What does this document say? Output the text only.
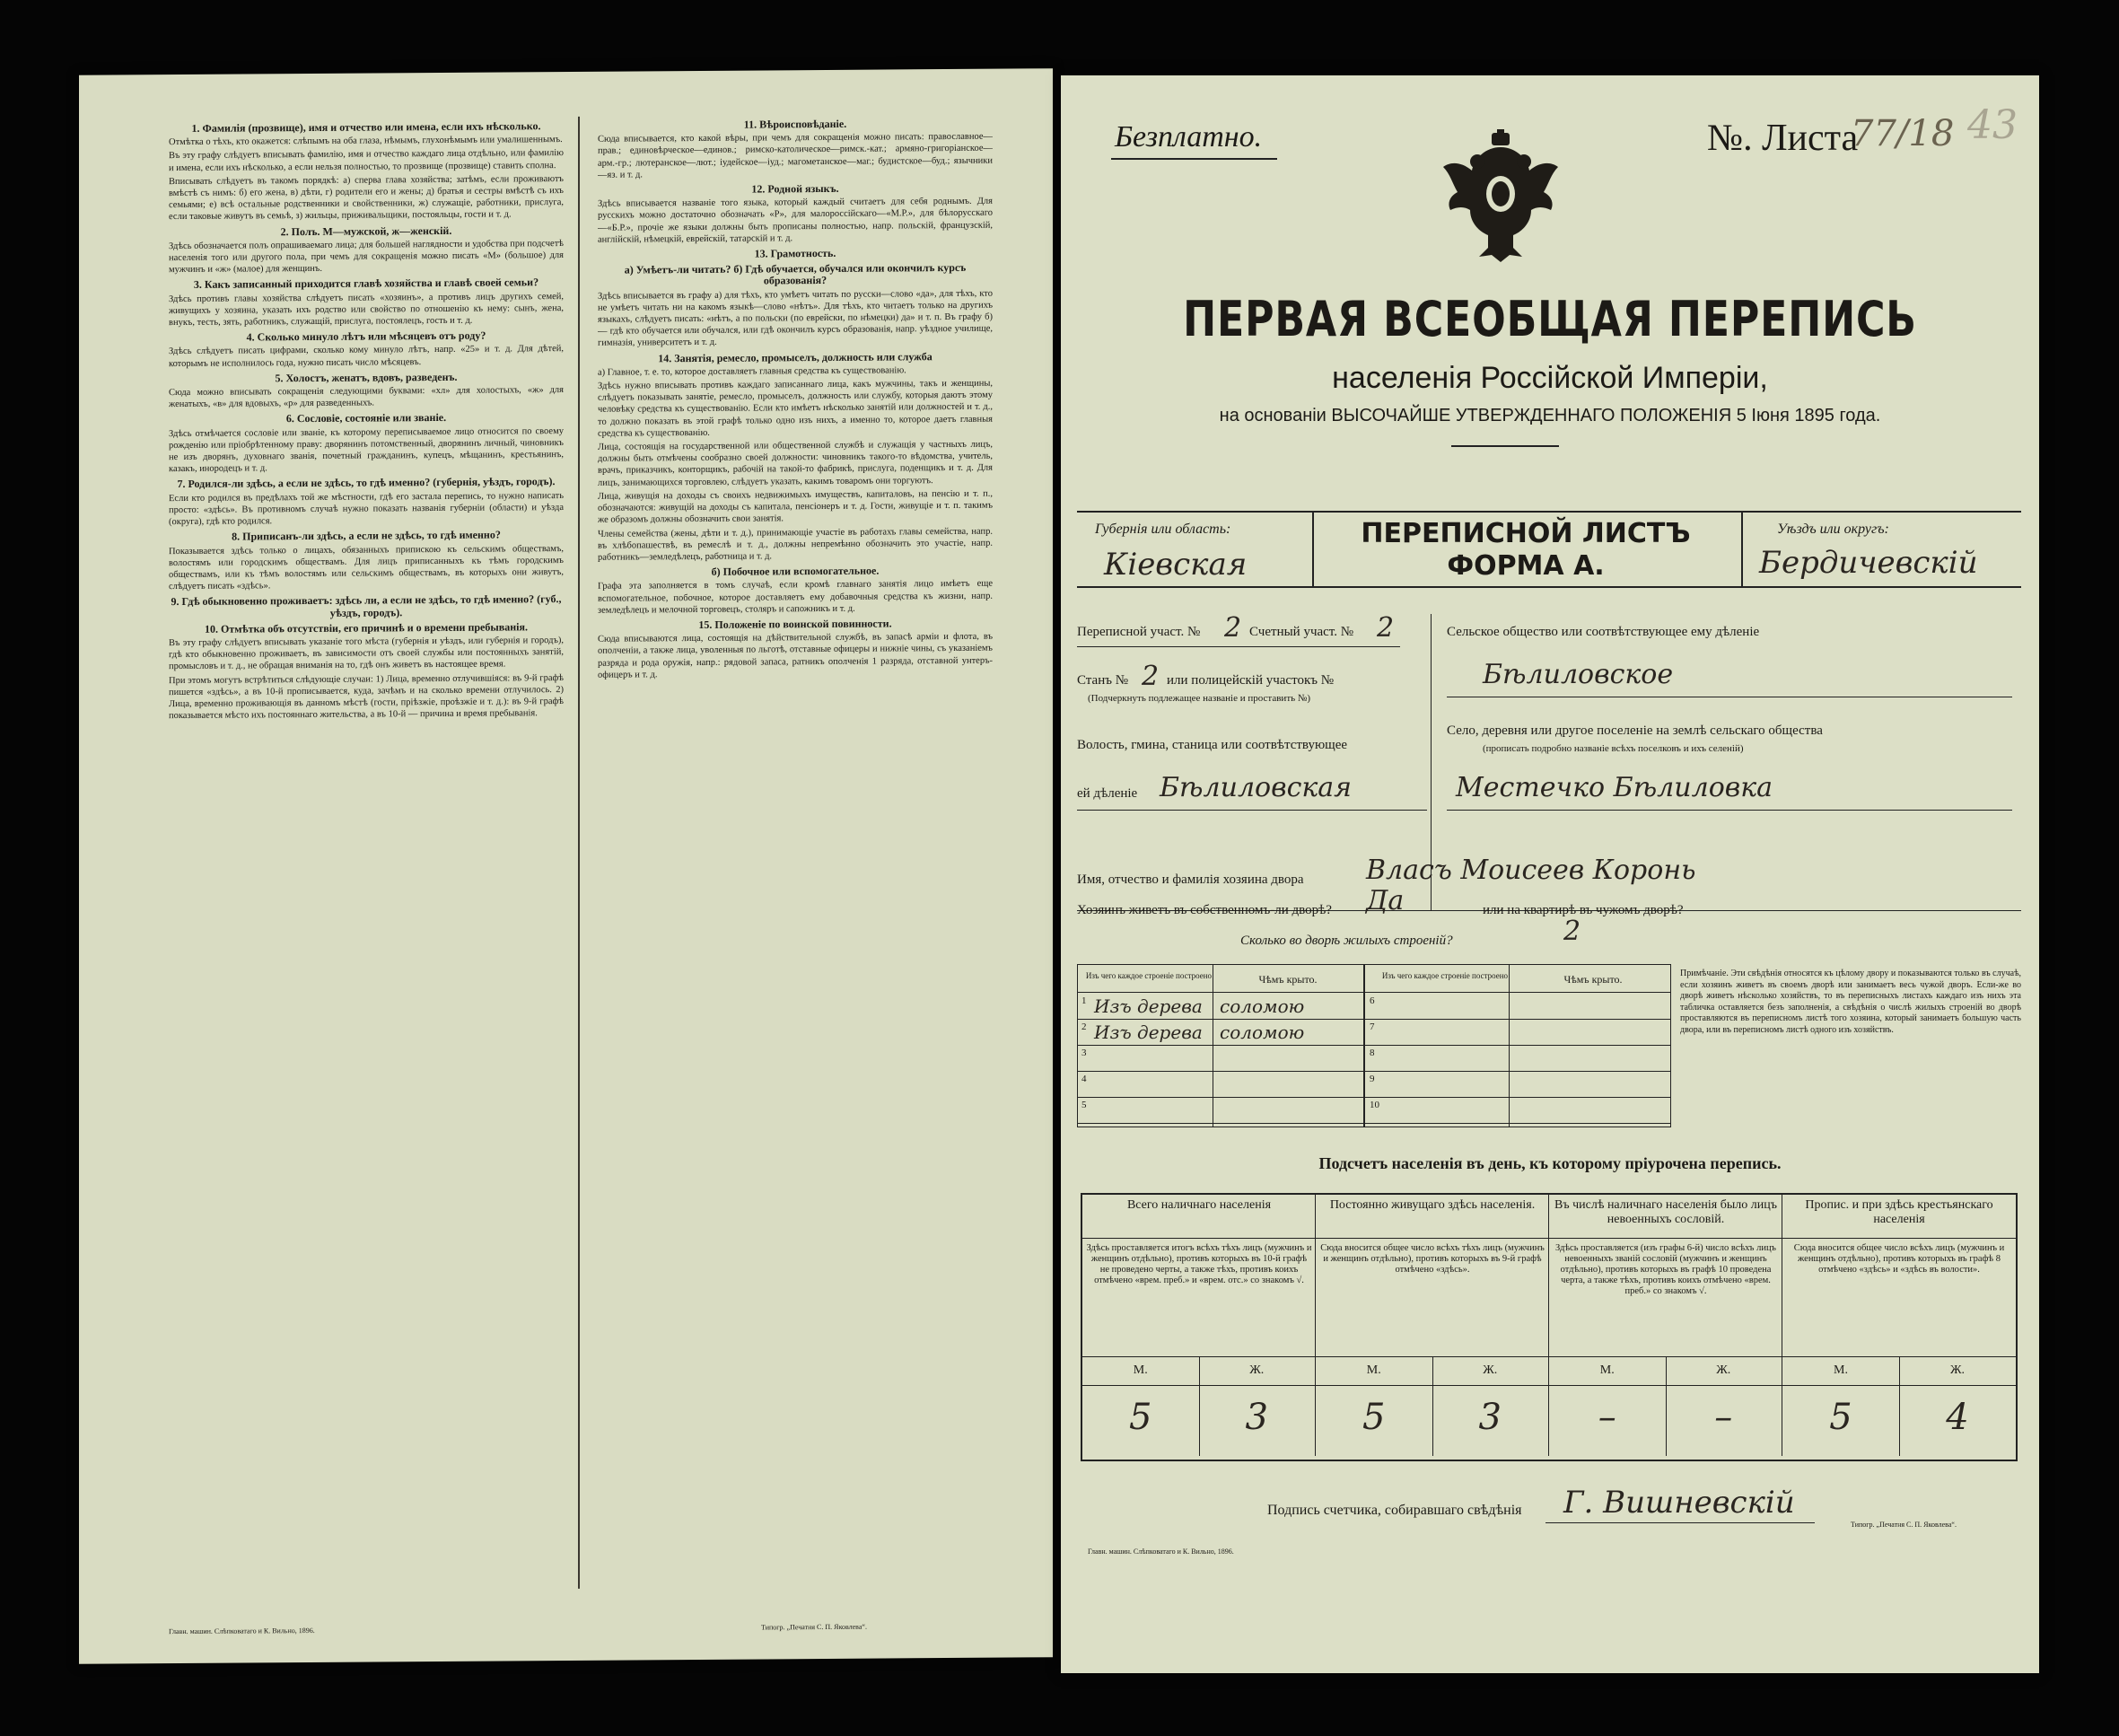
1. Фамилія (прозвище), имя и отчество или имена, если ихъ нѣсколько.

Отмѣтка о тѣхъ, кто окажется: слѣпымъ на оба глаза, нѣмымъ, глухонѣмымъ или умалишеннымъ.

Въ эту графу слѣдуетъ вписывать фамилію, имя и отчество каждаго лица отдѣльно, или фамилію и имена, если ихъ нѣсколько, а если нельзя полностью, то прозвище (прозвище) ставить сполна.

Вписывать слѣдуетъ въ такомъ порядкѣ: а) сперва глава хозяйства; затѣмъ, если проживаютъ вмѣстѣ съ нимъ: б) его жена, в) дѣти, г) родители его и жены; д) братья и сестры вмѣстѣ съ ихъ семьями; е) всѣ остальные родственники и свойственники, ж) служащіе, работники, прислуга, если таковые живутъ въ семьѣ, з) жильцы, приживальщики, постояльцы, гости и т. д.

2. Полъ. М—мужской, ж—женскій.

Здѣсь обозначается полъ опрашиваемаго лица; для большей наглядности и удобства при подсчетѣ населенія того или другого пола, при чемъ для сокращенія можно писать «М» (большое) для мужчинъ и «ж» (малое) для женщинъ.

3. Какъ записанный приходится главѣ хозяйства и главѣ своей семьи?

Здѣсь противъ главы хозяйства слѣдуетъ писать «хозяинъ», а противъ лицъ другихъ семей, живущихъ у хозяина, указать ихъ родство или свойство по отношенію къ нему: сынъ, жена, внукъ, тесть, зять, работникъ, служащій, прислуга, постоялецъ, гость и т. д.

4. Сколько минуло лѣтъ или мѣсяцевъ отъ роду?

Здѣсь слѣдуетъ писать цифрами, сколько кому минуло лѣтъ, напр. «25» и т. д. Для дѣтей, которымъ не исполнилось года, нужно писать число мѣсяцевъ.

5. Холостъ, женатъ, вдовъ, разведенъ.

Сюда можно вписывать сокращенія следующими буквами: «хл» для холостыхъ, «ж» для женатыхъ, «в» для вдовыхъ, «р» для разведенныхъ.

6. Сословіе, состояніе или званіе.

Здѣсь отмѣчается сословіе или званіе, къ которому переписываемое лицо относится по своему рожденію или пріобрѣтенному праву: дворянинъ потомственный, дворянинъ личный, чиновникъ не изъ дворянъ, духовнаго званія, почетный гражданинъ, купецъ, мѣщанинъ, крестьянинъ, казакъ, инородецъ и т. д.

7. Родился-ли здѣсь, а если не здѣсь, то гдѣ именно? (губернія, уѣздъ, городъ).

Если кто родился въ предѣлахъ той же мѣстности, гдѣ его застала перепись, то нужно написать просто: «здѣсь». Въ противномъ случаѣ нужно показать названія губерніи (области) и уѣзда (округа), гдѣ кто родился.

8. Приписанъ-ли здѣсь, а если не здѣсь, то гдѣ именно?

Показывается здѣсь только о лицахъ, обязанныхъ припискою къ сельскимъ обществамъ, волостямъ или городскимъ обществамъ. Для лицъ приписанныхъ къ тѣмъ городскимъ обществамъ, или къ тѣмъ волостямъ или сельскимъ обществамъ, въ которыхъ они живутъ, слѣдуетъ писать «здѣсь».

9. Гдѣ обыкновенно проживаетъ: здѣсь ли, а если не здѣсь, то гдѣ именно? (губ., уѣздъ, городъ).
10. Отмѣтка объ отсутствіи, его причинѣ и о времени пребыванія.

Въ эту графу слѣдуетъ вписывать указаніе того мѣста (губернія и уѣздъ, или губернія и городъ), гдѣ кто обыкновенно проживаетъ, въ зависимости отъ своей службы или постоянныхъ занятій, промысловъ и т. д., не обращая вниманія на то, гдѣ онъ живетъ въ настоящее время.

При этомъ могутъ встрѣтиться слѣдующіе случаи: 1) Лица, временно отлучившіяся: въ 9-й графѣ пишется «здѣсь», а въ 10-й прописывается, куда, зачѣмъ и на сколько времени отлучилось. 2) Лица, временно проживающія въ данномъ мѣстѣ (гости, пріѣзжіе, проѣзжіе и т. д.): въ 9-й графѣ показывается мѣсто ихъ постояннаго жительства, а въ 10-й — причина и время пребыванія.

11. Вѣроисповѣданіе.

Сюда вписывается, кто какой вѣры, при чемъ для сокращенія можно писать: православное—прав.; единовѣрческое—единов.; римско-католическое—римск.-кат.; армяно-григоріанское—арм.-гр.; лютеранское—лют.; іудейское—іуд.; магометанское—маг.; будистское—буд.; язычники—яз. и т. д.

12. Родной языкъ.

Здѣсь вписывается названіе того языка, который каждый считаетъ для себя роднымъ. Для русскихъ можно достаточно обозначать «Р», для малороссійскаго—«М.Р.», для бѣлорусскаго—«Б.Р.», прочіе же языки должны быть прописаны полностью, напр. польскій, французскій, англійскій, нѣмецкій, еврейскій, татарскій и т. д.

13. Грамотность.
а) Умѣетъ-ли читать? б) Гдѣ обучается, обучался или окончилъ курсъ образованія?

Здѣсь вписывается въ графу а) для тѣхъ, кто умѣетъ читать по русски—слово «да», для тѣхъ, кто не умѣетъ читать ни на какомъ языкѣ—слово «нѣтъ». Для тѣхъ, кто читаетъ только на другихъ языкахъ, слѣдуетъ писать: «нѣтъ, а по польски (по еврейски, по нѣмецки) да» и т. п. Въ графу б) — гдѣ кто обучается или обучался, или гдѣ окончилъ курсъ образованія, напр. уѣздное училище, гимназія, университетъ и т. д.

14. Занятія, ремесло, промыселъ, должность или служба

а) Главное, т. е. то, которое доставляетъ главныя средства къ существованію.

Здѣсь нужно вписывать противъ каждаго записаннаго лица, какъ мужчины, такъ и женщины, слѣдуетъ показывать занятіе, ремесло, промыселъ, должность или службу, которыя даютъ этому человѣку средства къ существованію. Если кто имѣетъ нѣсколько занятій или должностей и т. д., то должно показать въ этой графѣ только одно изъ нихъ, а именно то, которое даетъ главныя средства къ существованію.

Лица, состоящія на государственной или общественной службѣ и служащія у частныхъ лицъ, должны быть отмѣчены сообразно своей должности: чиновникъ такого-то вѣдомства, учитель, врачъ, приказчикъ, конторщикъ, рабочій на такой-то фабрикѣ, прислуга, поденщикъ и т. д. Для лицъ, занимающихся торговлею, слѣдуетъ указать, какимъ товаромъ они торгуютъ.

Лица, живущія на доходы съ своихъ недвижимыхъ имуществъ, капиталовъ, на пенсію и т. п., обозначаются: живущій на доходы съ капитала, пенсіонеръ и т. д. Гости, живущіе и т. п. такимъ же образомъ должны обозначить свои занятія.

Члены семейства (жены, дѣти и т. д.), принимающіе участіе въ работахъ главы семейства, напр. въ хлѣбопашествѣ, въ ремеслѣ и т. д., должны непремѣнно обозначить это участіе, напр. работникъ—земледѣлецъ, работница и т. д.

б) Побочное или вспомогательное.

Графа эта заполняется в томъ случаѣ, если кромѣ главнаго занятія лицо имѣетъ еще вспомогательное, побочное, которое доставляетъ ему добавочныя средства къ жизни, напр. земледѣлецъ и мелочной торговецъ, столяръ и сапожникъ и т. д.

15. Положеніе по воинской повинности.

Сюда вписываются лица, состоящія на дѣйствительной службѣ, въ запасѣ армiи и флота, въ ополченіи, а также лица, уволенныя по льготѣ, отставные офицеры и нижніе чины, съ указаніемъ разряда и рода оружія, напр.: рядовой запаса, ратникъ ополченія 1 разряда, отставной унтеръ-офицеръ и т. д.

Главн. машин. Слѣпковатаго и К. Вильно, 1896.	Типогр. „Печатня С. П. Яковлева“.
Безплатно.	№. Листа
77/18 43
ПЕРВАЯ ВСЕОБЩАЯ ПЕРЕПИСЬ
населенія Россійской Имперіи,
на основаніи ВЫСОЧАЙШЕ УТВЕРЖДЕННАГО ПОЛОЖЕНІЯ 5 Іюня 1895 года.
Губернія или область:
Кіевская
ПЕРЕПИСНОЙ ЛИСТЪ
ФОРМА А.
Уѣздъ или округъ:
Бердичевскій
Переписной участ. № 2 Счетный участ. № 2
Станъ № 2 или полицейскій участокъ №
(Подчеркнуть подлежащее названіе и проставить №)
Волость, гмина, станица или соотвѣтствующее
ей дѣленіе Бѣлиловская
Сельское общество или соотвѣтствующее ему дѣленіе
Бѣлиловское
Село, деревня или другое поселеніе на землѣ сельскаго общества
(прописать подробно названіе всѣхъ поселковъ и ихъ селеній)
Местечко Бѣлиловка
Имя, отчество и фамилія хозяина двора Власъ Моисеев Коронь
Хозяинъ живетъ въ собственномъ-ли дворѣ? Да	или на квартирѣ въ чужомъ дворѣ?
Сколько во дворѣ жилыхъ строеній?	2
Изъ чего каждое строеніе построено	Чѣмъ крыто.	Изъ чего каждое строеніе построено	Чѣмъ крыто.
1 Изъ дерева соломою	6
2 Изъ дерева соломою	7
3	8
4	9
5	10
Примѣчаніе. Эти свѣдѣнія относятся къ цѣлому двору и показываются только въ случаѣ, если хозяинъ живетъ въ своемъ дворѣ или занимаетъ весь чужой дворъ. Если-же во дворѣ живетъ нѣсколько хозяйствъ, то въ переписныхъ листахъ каждаго изъ нихъ эта табличка оставляется безъ заполненія, а свѣдѣнія о числѣ жилыхъ строеній во дворѣ проставляются въ переписномъ листѣ того хозяина, который занимаетъ большую часть двора, или въ переписномъ листѣ одного изъ хозяйствъ.
Подсчетъ населенія въ день, къ которому пріурочена перепись.
Всего наличнаго населенія
Здѣсь проставляется итогъ всѣхъ тѣхъ лицъ (мужчинъ и женщинъ отдѣльно), противъ которыхъ въ 10-й графѣ не проведено черты, а также тѣхъ, противъ коихъ отмѣчено «врем. преб.» и «врем. отс.» со знакомъ √.
М.	Ж.
5	3
Постоянно живущаго здѣсь населенія.
Сюда вносится общее число всѣхъ тѣхъ лицъ (мужчинъ и женщинъ отдѣльно), противъ которыхъ въ 9-й графѣ отмѣчено «здѣсь».
М.	Ж.
5	3
Въ числѣ наличнаго населенія было лицъ невоенныхъ сословій.
Здѣсь проставляется (изъ графы 6-й) число всѣхъ лицъ невоенныхъ званій сословій (мужчинъ и женщинъ отдѣльно), противъ которыхъ въ графѣ 10 проведена черта, а также тѣхъ, противъ коихъ отмѣчено «врем. преб.» со знакомъ √.
М.	Ж.
–	–
Пропис. и при здѣсь крестьянскаго населенія
Сюда вносится общее число всѣхъ лицъ (мужчинъ и женщинъ отдѣльно), противъ которыхъ въ графѣ 8 отмѣчено «здѣсь» и «здѣсь въ волости».
М.	Ж.
5	4
Подпись счетчика, собиравшаго свѣдѣнія Г. Вишневскій
Главн. машин. Слѣпковатаго и К. Вильно, 1896.
Типогр. „Печатня С. П. Яковлева“.
